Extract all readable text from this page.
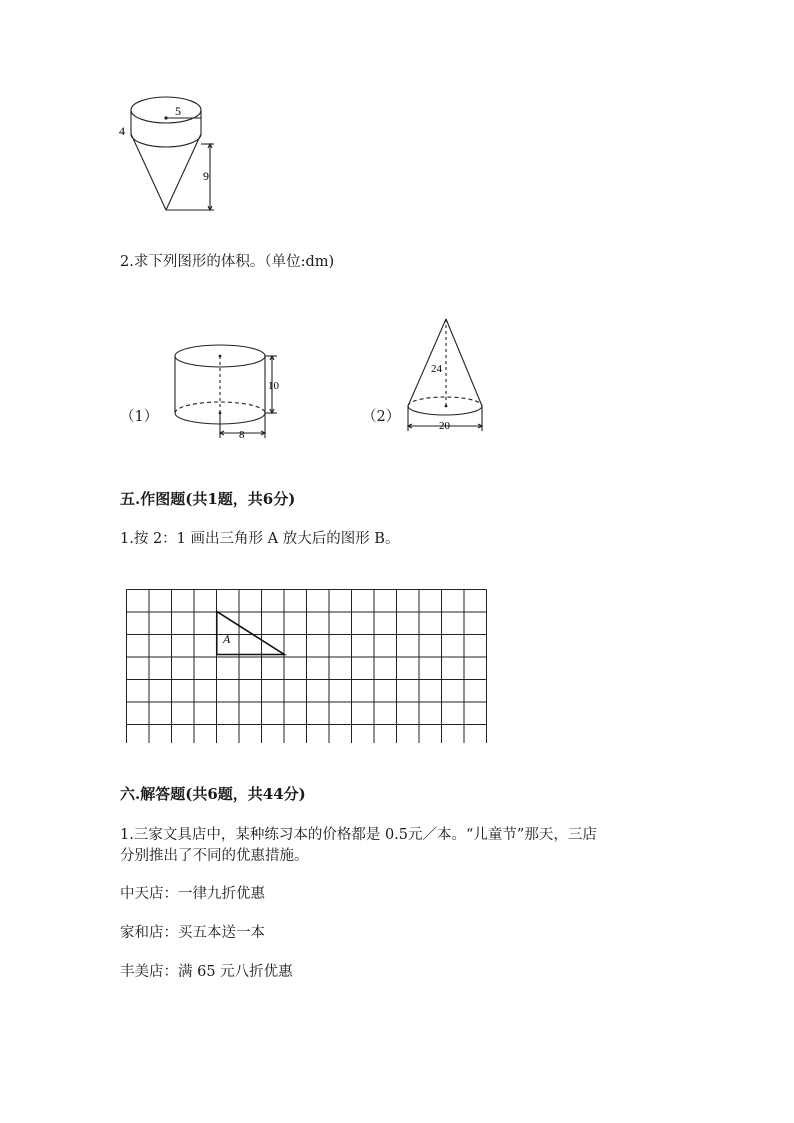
5
4
9
2.求下列图形的体积。（单位:dm)
（1）
10
8
（2）
24
20
五.作图题(共1题，共6分)
1.按 2：1 画出三角形 A 放大后的图形 B。
A
六.解答题(共6题，共44分)
1.三家文具店中，某种练习本的价格都是 0.5元／本。“儿童节”那天，三店
分别推出了不同的优惠措施。
中天店：一律九折优惠
家和店：买五本送一本
丰美店：满 65 元八折优惠
